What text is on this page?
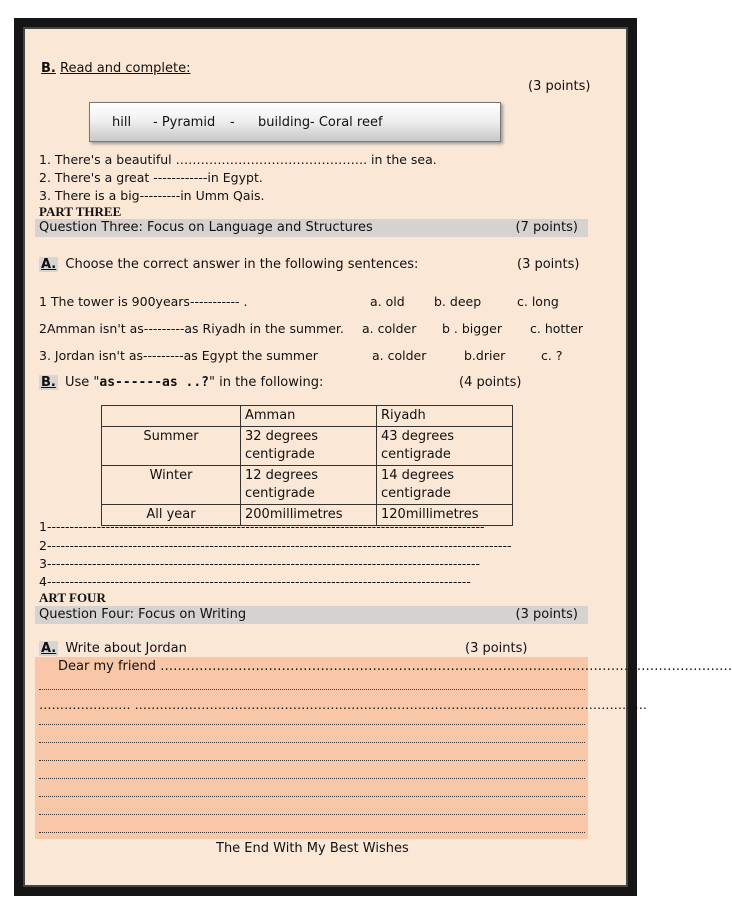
B. Read and complete:
(3 points)
hill - Pyramid - building - Coral reef
1. There's a beautiful ………………………………………. in the sea.
2. There's a great ------------in Egypt.
3. There is a big---------in Umm Qais.
PART THREE
Question Three: Focus on Language and Structures	(7 points)
A. Choose the correct answer in the following sentences:	(3 points)
1 The tower is 900years----------- .	a. old b. deep	c. long
2Amman isn't as---------as Riyadh in the summer. a. colder b . bigger c. hotter
3. Jordan isn't as---------as Egypt the summer	a. colder	b.drier	c. ?
B. Use "as------as ..?" in the following:	(4 points)
	Amman	Riyadh
Summer	32 degrees centigrade	43 degrees centigrade
Winter	12 degrees centigrade	14 degrees centigrade
All year	200millimetres	120millimetres
1-------------------------------------------------------------------------------------------------
2-------------------------------------------------------------------------------------------------------
3------------------------------------------------------------------------------------------------
4----------------------------------------------------------------------------------------------
ART FOUR
Question Four: Focus on Writing	(3 points)
A. Write about Jordan	(3 points)
Dear my friend ……………………………………………………………………………………………………………………
…………………. ……………………………………………………………………………………………………………
The End With My Best Wishes
